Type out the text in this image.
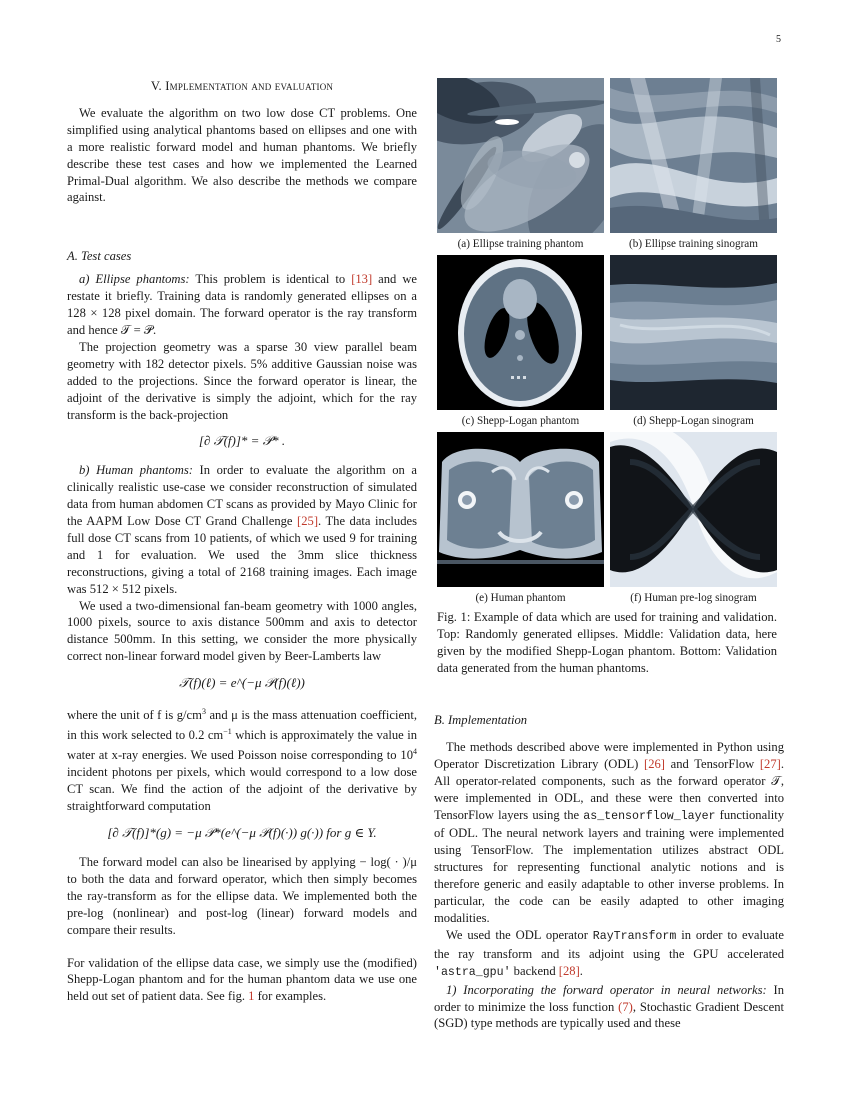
5
V. Implementation and evaluation

We evaluate the algorithm on two low dose CT problems. One simplified using analytical phantoms based on ellipses and one with a more realistic forward model and human phantoms. We briefly describe these test cases and how we implemented the Learned Primal-Dual algorithm. We also describe the methods we compare against.

A. Test cases

a) Ellipse phantoms: This problem is identical to [13] and we restate it briefly. Training data is randomly generated ellipses on a 128 × 128 pixel domain. The forward operator is the ray transform and hence 𝒯 = 𝒫.

The projection geometry was a sparse 30 view parallel beam geometry with 182 detector pixels. 5% additive Gaussian noise was added to the projections. Since the forward operator is linear, the adjoint of the derivative is simply the adjoint, which for the ray transform is the back-projection

[∂ 𝒯(f)]* = 𝒫* .

b) Human phantoms: In order to evaluate the algorithm on a clinically realistic use-case we consider reconstruction of simulated data from human abdomen CT scans as provided by Mayo Clinic for the AAPM Low Dose CT Grand Challenge [25]. The data includes full dose CT scans from 10 patients, of which we used 9 for training and 1 for evaluation. We used the 3mm slice thickness reconstructions, giving a total of 2168 training images. Each image was 512 × 512 pixels.

We used a two-dimensional fan-beam geometry with 1000 angles, 1000 pixels, source to axis distance 500mm and axis to detector distance 500mm. In this setting, we consider the more physically correct non-linear forward model given by Beer-Lamberts law

𝒯(f)(ℓ) = e^(−μ 𝒫(f)(ℓ))

where the unit of f is $g/cm^3$ and μ is the mass attenuation coefficient, in this work selected to 0.2 $cm^{-1}$ which is approximately the value in water at x-ray energies. We used Poisson noise corresponding to $10^4$ incident photons per pixels, which would correspond to a low dose CT scan. We find the action of the adjoint of the derivative by straightforward computation

[∂ 𝒯(f)]*(g) = −μ 𝒫*(e^(−μ 𝒫(f)(·)) g(·)) for g ∈ Y.

The forward model can also be linearised by applying − log( · )/μ to both the data and forward operator, which then simply becomes the ray-transform as for the ellipse data. We implemented both the pre-log (nonlinear) and post-log (linear) forward models and compare their results.

For validation of the ellipse data case, we simply use the (modified) Shepp-Logan phantom and for the human phantom data we use one held out set of patient data. See fig. 1 for examples.

(a) Ellipse training phantom	(b) Ellipse training sinogram
(c) Shepp-Logan phantom	(d) Shepp-Logan sinogram
(e) Human phantom	(f) Human pre-log sinogram
Fig. 1: Example of data which are used for training and validation. Top: Randomly generated ellipses. Middle: Validation data, here given by the modified Shepp-Logan phantom. Bottom: Validation data generated from the human phantoms.
B. Implementation

The methods described above were implemented in Python using Operator Discretization Library (ODL) [26] and TensorFlow [27]. All operator-related components, such as the forward operator 𝒯, were implemented in ODL, and these were then converted into TensorFlow layers using the as_tensorflow_layer functionality of ODL. The neural network layers and training were implemented using TensorFlow. The implementation utilizes abstract ODL structures for representing functional analytic notions and is therefore generic and easily adaptable to other inverse problems. In particular, the code can be easily adapted to other imaging modalities.

We used the ODL operator RayTransform in order to evaluate the ray transform and its adjoint using the GPU accelerated 'astra_gpu' backend [28].

1) Incorporating the forward operator in neural networks: In order to minimize the loss function (7), Stochastic Gradient Descent (SGD) type methods are typically used and these
